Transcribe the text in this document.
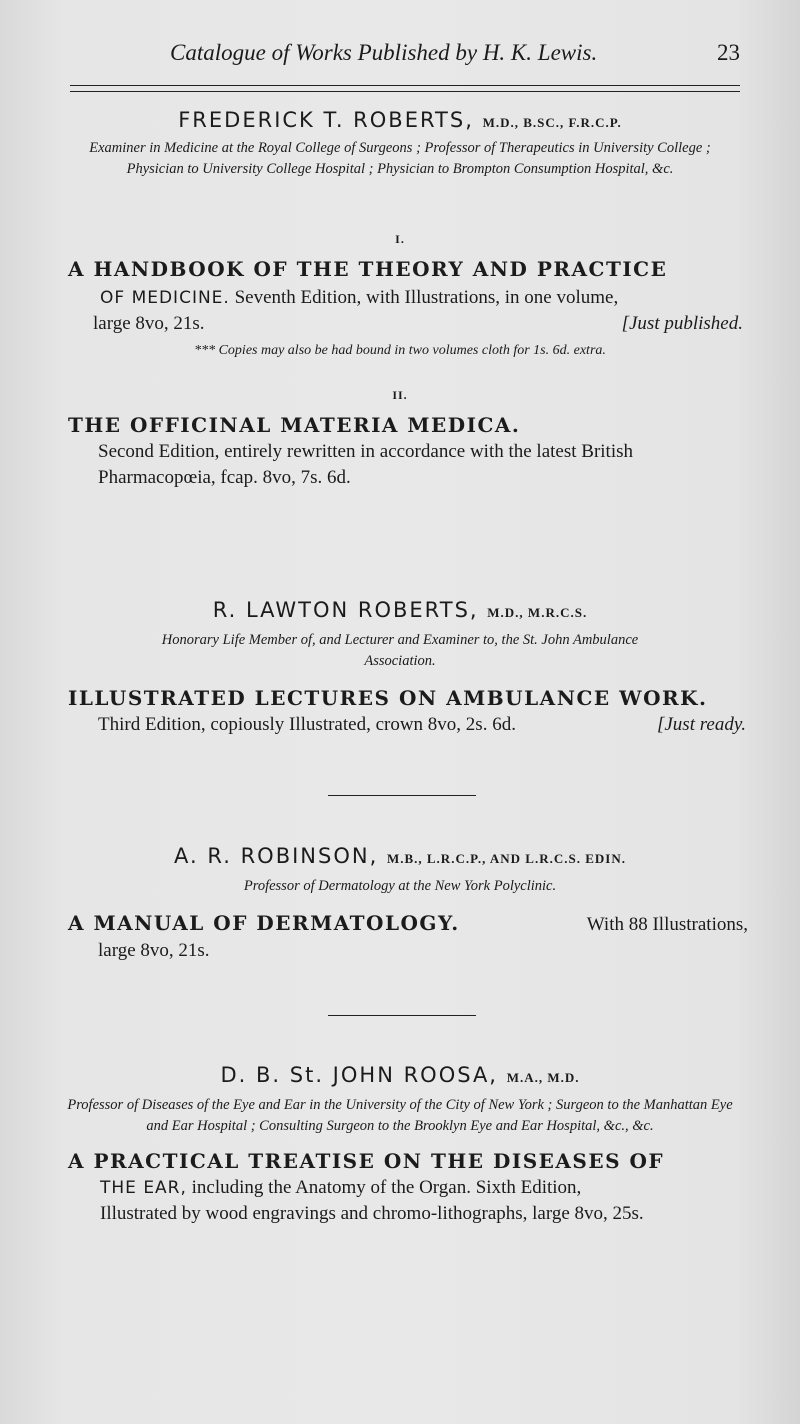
Catalogue of Works Published by H. K. Lewis.	23
FREDERICK T. ROBERTS, M.D., B.SC., F.R.C.P.
Examiner in Medicine at the Royal College of Surgeons ; Professor of Therapeutics in University College ; Physician to University College Hospital ; Physician to Brompton Consumption Hospital, &c.
I.
A HANDBOOK OF THE THEORY AND PRACTICE
OF MEDICINE. Seventh Edition, with Illustrations, in one volume,
large 8vo, 21s.	[Just published.
*** Copies may also be had bound in two volumes cloth for 1s. 6d. extra.
II.
THE OFFICINAL MATERIA MEDICA.
Second Edition, entirely rewritten in accordance with the latest British
Pharmacopœia, fcap. 8vo, 7s. 6d.
R. LAWTON ROBERTS, M.D., M.R.C.S.
Honorary Life Member of, and Lecturer and Examiner to, the St. John Ambulance Association.
ILLUSTRATED LECTURES ON AMBULANCE WORK.
Third Edition, copiously Illustrated, crown 8vo, 2s. 6d.	[Just ready.
A. R. ROBINSON, M.B., L.R.C.P., AND L.R.C.S. EDIN.
Professor of Dermatology at the New York Polyclinic.
A MANUAL OF DERMATOLOGY.	With 88 Illustrations,
large 8vo, 21s.
D. B. St. JOHN ROOSA, M.A., M.D.
Professor of Diseases of the Eye and Ear in the University of the City of New York ; Surgeon to the Manhattan Eye and Ear Hospital ; Consulting Surgeon to the Brooklyn Eye and Ear Hospital, &c., &c.
A PRACTICAL TREATISE ON THE DISEASES OF
THE EAR, including the Anatomy of the Organ. Sixth Edition,
Illustrated by wood engravings and chromo-lithographs, large 8vo, 25s.
